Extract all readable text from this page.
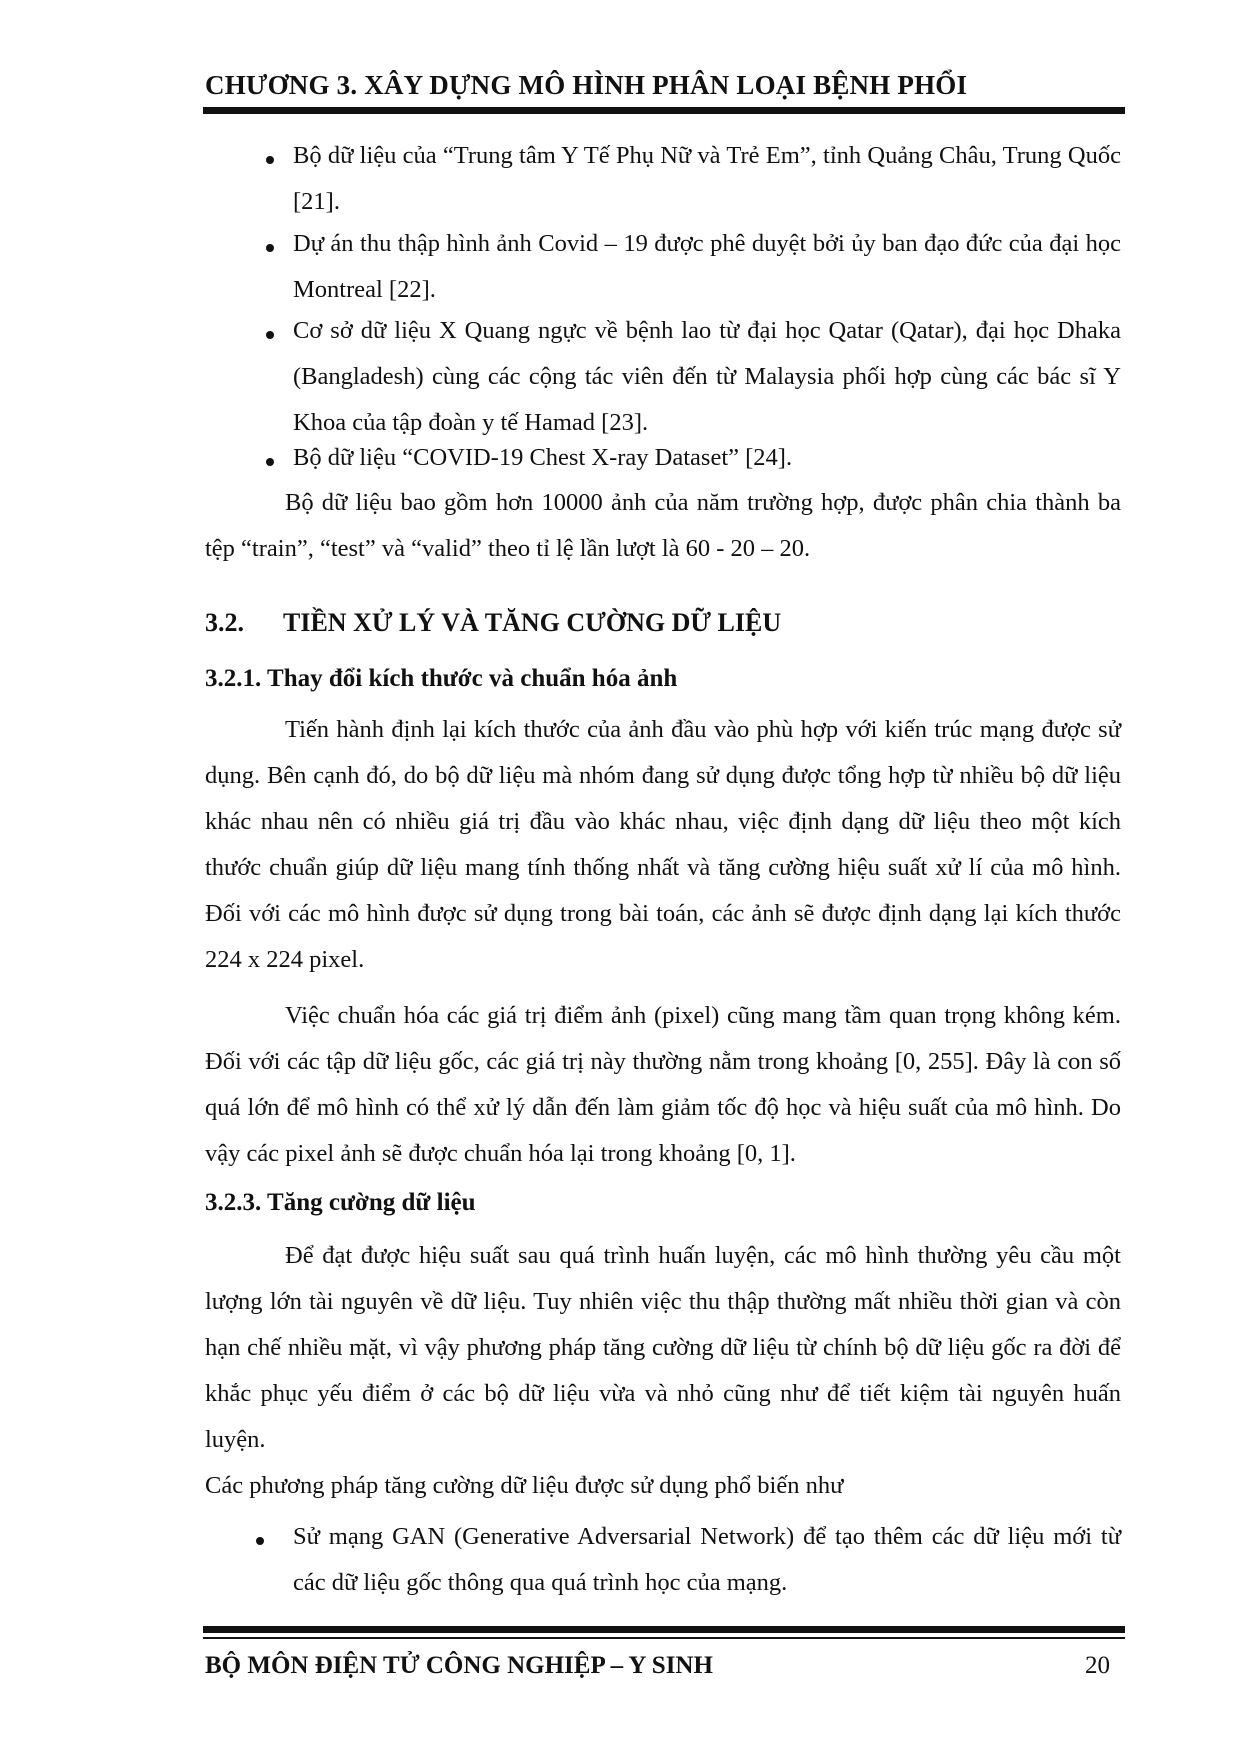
CHƯƠNG 3. XÂY DỰNG MÔ HÌNH PHÂN LOẠI BỆNH PHỔI
Bộ dữ liệu của “Trung tâm Y Tế Phụ Nữ và Trẻ Em”, tỉnh Quảng Châu, Trung Quốc [21].
Dự án thu thập hình ảnh Covid – 19 được phê duyệt bởi ủy ban đạo đức của đại học Montreal [22].
Cơ sở dữ liệu X Quang ngực về bệnh lao từ đại học Qatar (Qatar), đại học Dhaka (Bangladesh) cùng các cộng tác viên đến từ Malaysia phối hợp cùng các bác sĩ Y Khoa của tập đoàn y tế Hamad [23].
Bộ dữ liệu “COVID-19 Chest X-ray Dataset” [24].

Bộ dữ liệu bao gồm hơn 10000 ảnh của năm trường hợp, được phân chia thành ba tệp “train”, “test” và “valid” theo tỉ lệ lần lượt là 60 - 20 – 20.

3.2. TIỀN XỬ LÝ VÀ TĂNG CƯỜNG DỮ LIỆU
3.2.1. Thay đổi kích thước và chuẩn hóa ảnh

Tiến hành định lại kích thước của ảnh đầu vào phù hợp với kiến trúc mạng được sử dụng. Bên cạnh đó, do bộ dữ liệu mà nhóm đang sử dụng được tổng hợp từ nhiều bộ dữ liệu khác nhau nên có nhiều giá trị đầu vào khác nhau, việc định dạng dữ liệu theo một kích thước chuẩn giúp dữ liệu mang tính thống nhất và tăng cường hiệu suất xử lí của mô hình. Đối với các mô hình được sử dụng trong bài toán, các ảnh sẽ được định dạng lại kích thước 224 x 224 pixel.

Việc chuẩn hóa các giá trị điểm ảnh (pixel) cũng mang tầm quan trọng không kém. Đối với các tập dữ liệu gốc, các giá trị này thường nằm trong khoảng [0, 255]. Đây là con số quá lớn để mô hình có thể xử lý dẫn đến làm giảm tốc độ học và hiệu suất của mô hình. Do vậy các pixel ảnh sẽ được chuẩn hóa lại trong khoảng [0, 1].

3.2.3. Tăng cường dữ liệu

Để đạt được hiệu suất sau quá trình huấn luyện, các mô hình thường yêu cầu một lượng lớn tài nguyên về dữ liệu. Tuy nhiên việc thu thập thường mất nhiều thời gian và còn hạn chế nhiều mặt, vì vậy phương pháp tăng cường dữ liệu từ chính bộ dữ liệu gốc ra đời để khắc phục yếu điểm ở các bộ dữ liệu vừa và nhỏ cũng như để tiết kiệm tài nguyên huấn luyện.

Các phương pháp tăng cường dữ liệu được sử dụng phổ biến như

Sử mạng GAN (Generative Adversarial Network) để tạo thêm các dữ liệu mới từ các dữ liệu gốc thông qua quá trình học của mạng.
BỘ MÔN ĐIỆN TỬ CÔNG NGHIỆP – Y SINH	20
